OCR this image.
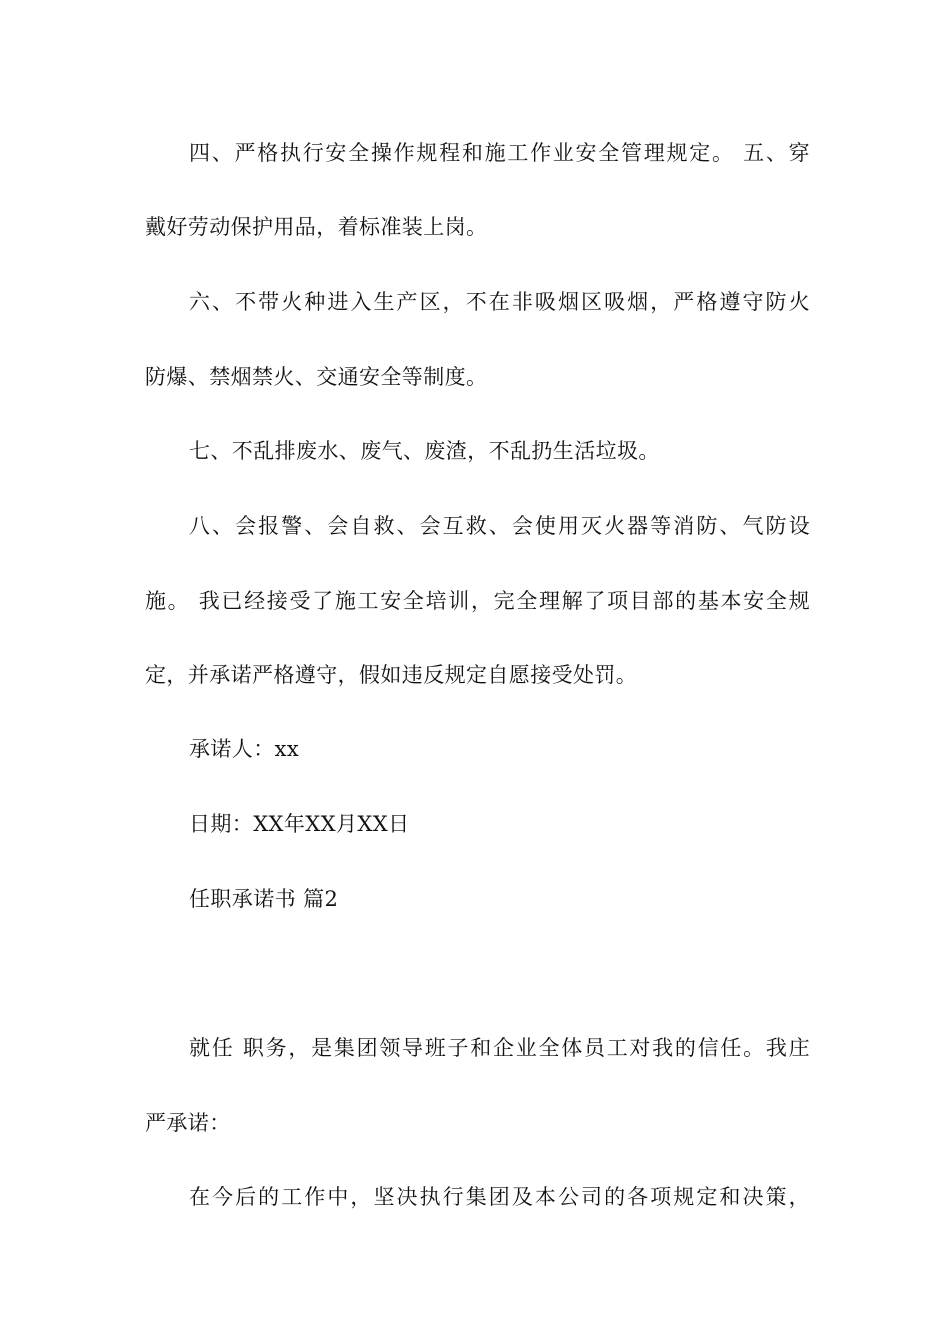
四、严格执行安全操作规程和施工作业安全管理规定。 五、穿
戴好劳动保护用品，着标准装上岗。
六、不带火种进入生产区，不在非吸烟区吸烟，严格遵守防火
防爆、禁烟禁火、交通安全等制度。
七、不乱排废水、废气、废渣，不乱扔生活垃圾。
八、会报警、会自救、会互救、会使用灭火器等消防、气防设
施。 我已经接受了施工安全培训，完全理解了项目部的基本安全规
定，并承诺严格遵守，假如违反规定自愿接受处罚。
承诺人：xx
日期：XX年XX月XX日
任职承诺书 篇2
就任 职务，是集团领导班子和企业全体员工对我的信任。我庄
严承诺：
在今后的工作中，坚决执行集团及本公司的各项规定和决策，
